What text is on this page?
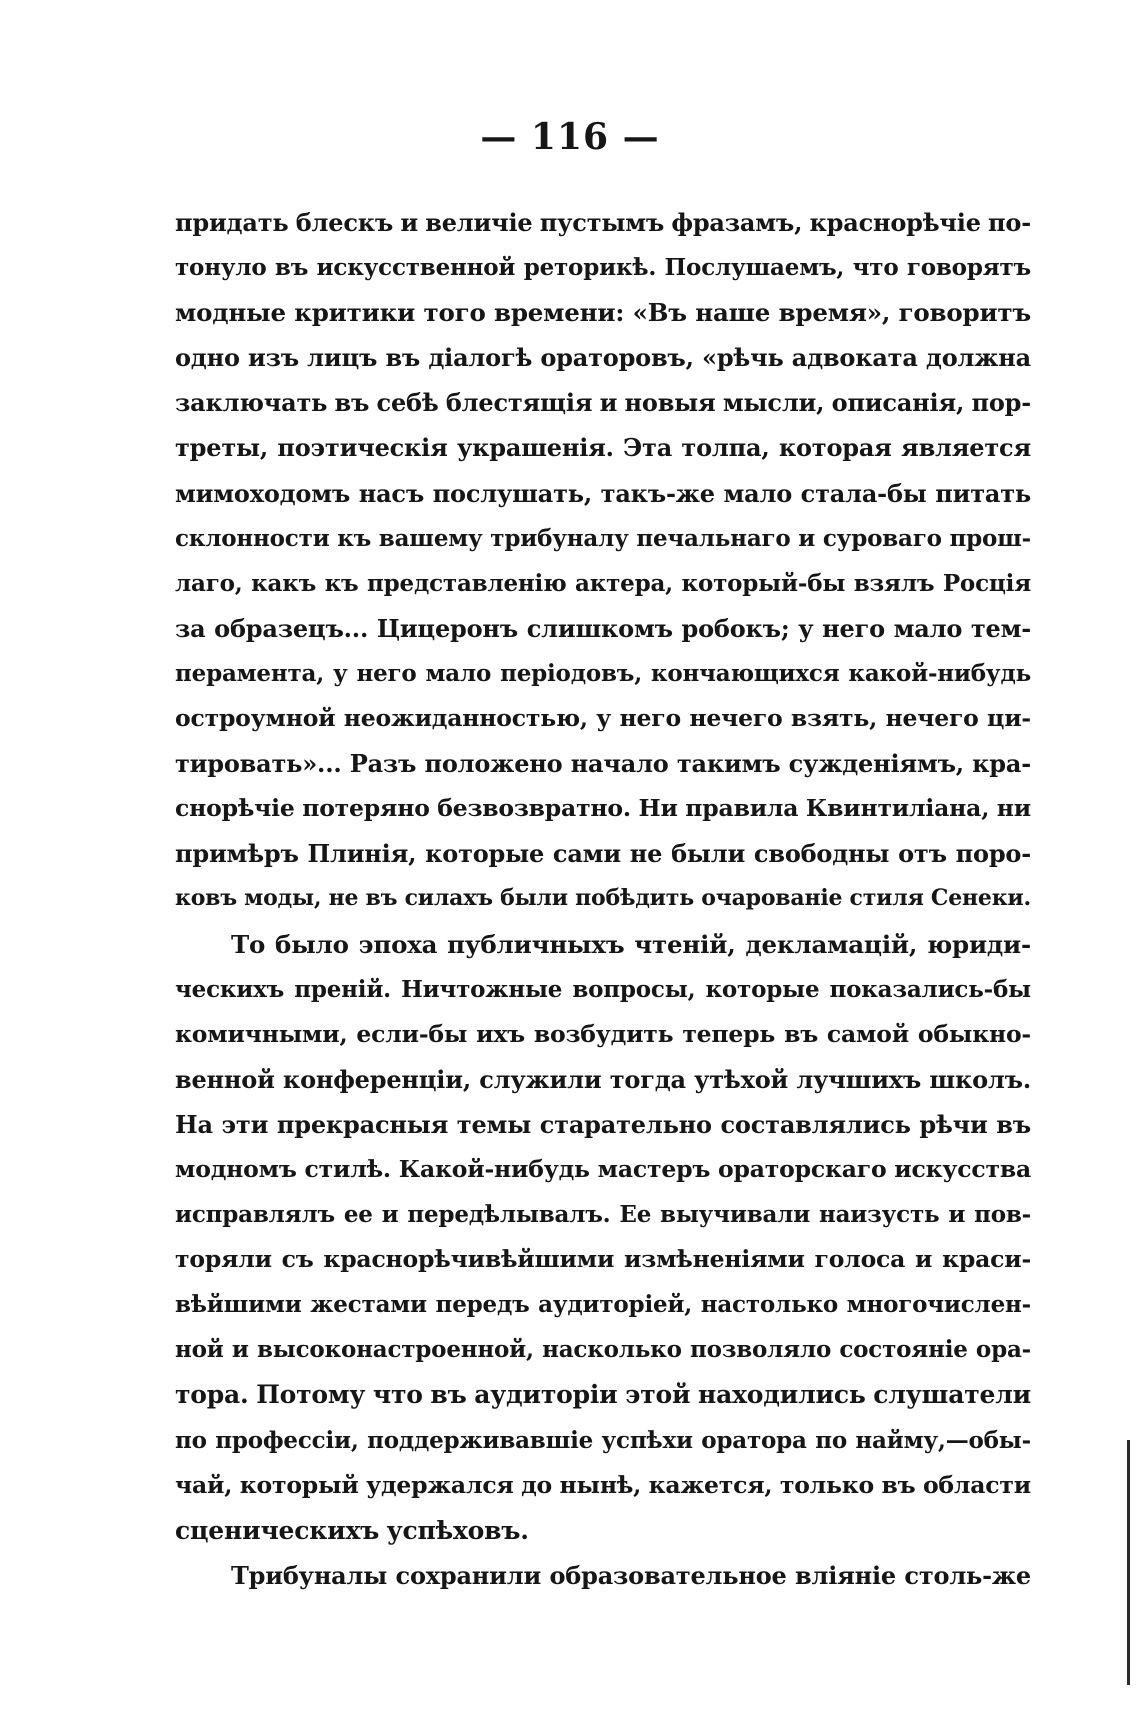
— 116 —
придать блескъ и величіе пустымъ фразамъ, краснорѣчіе по-
тонуло въ искусственной реторикѣ. Послушаемъ, что говорятъ
модные критики того времени: «Въ наше время», говоритъ
одно изъ лицъ въ діалогѣ ораторовъ, «рѣчь адвоката должна
заключать въ себѣ блестящія и новыя мысли, описанія, пор-
треты, поэтическія украшенія. Эта толпа, которая является
мимоходомъ насъ послушать, такъ-же мало стала-бы питать
склонности къ вашему трибуналу печальнаго и суроваго прош-
лаго, какъ къ представленію актера, который-бы взялъ Росція
за образецъ... Цицеронъ слишкомъ робокъ; у него мало тем-
перамента, у него мало періодовъ, кончающихся какой-нибудь
остроумной неожиданностью, у него нечего взять, нечего ци-
тировать»... Разъ положено начало такимъ сужденіямъ, кра-
снорѣчіе потеряно безвозвратно. Ни правила Квинтиліана, ни
примѣръ Плинія, которые сами не были свободны отъ поро-
ковъ моды, не въ силахъ были побѣдить очарованіе стиля Сенеки.
То было эпоха публичныхъ чтеній, декламацій, юриди-
ческихъ преній. Ничтожные вопросы, которые показались-бы
комичными, если-бы ихъ возбудить теперь въ самой обыкно-
венной конференціи, служили тогда утѣхой лучшихъ школъ.
На эти прекрасныя темы старательно составлялись рѣчи въ
модномъ стилѣ. Какой-нибудь мастеръ ораторскаго искусства
исправлялъ ее и передѣлывалъ. Ее выучивали наизусть и пов-
торяли съ краснорѣчивѣйшими измѣненіями голоса и краси-
вѣйшими жестами передъ аудиторіей, настолько многочислен-
ной и высоконастроенной, насколько позволяло состояніе ора-
тора. Потому что въ аудиторіи этой находились слушатели
по профессіи, поддерживавшіе успѣхи оратора по найму,—обы-
чай, который удержался до нынѣ, кажется, только въ области
сценическихъ успѣховъ.
Трибуналы сохранили образовательное вліяніе столь-же
